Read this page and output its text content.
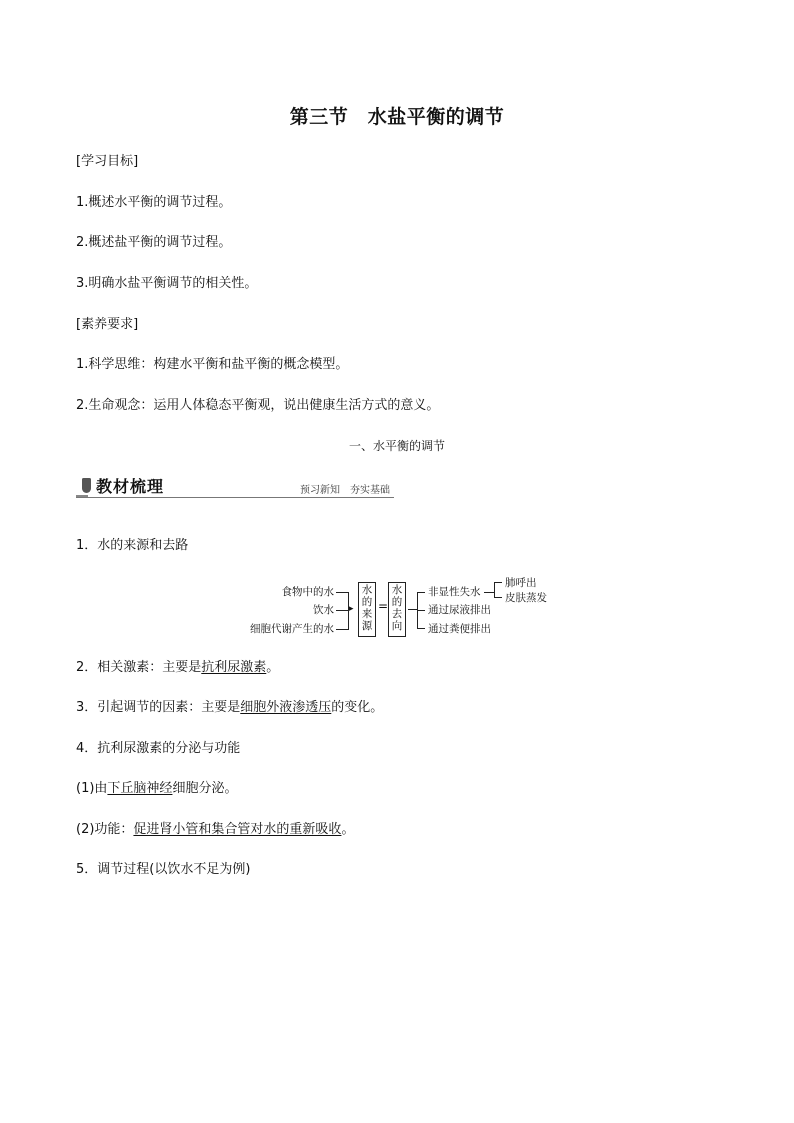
第三节　水盐平衡的调节
[学习目标]
1.概述水平衡的调节过程。
2.概述盐平衡的调节过程。
3.明确水盐平衡调节的相关性。
[素养要求]
1.科学思维：构建水平衡和盐平衡的概念模型。
2.生命观念：运用人体稳态平衡观，说出健康生活方式的意义。
一、水平衡的调节
教材梳理	预习新知　夯实基础
1．水的来源和去路
食物中的水
饮水
细胞代谢产生的水
▸
水
的
来
源
=
水
的
去
向
非显性失水
通过尿液排出
通过粪便排出
肺呼出
皮肤蒸发
2．相关激素：主要是抗利尿激素。
3．引起调节的因素：主要是细胞外液渗透压的变化。
4．抗利尿激素的分泌与功能
(1)由下丘脑神经细胞分泌。
(2)功能：促进肾小管和集合管对水的重新吸收。
5．调节过程(以饮水不足为例)
